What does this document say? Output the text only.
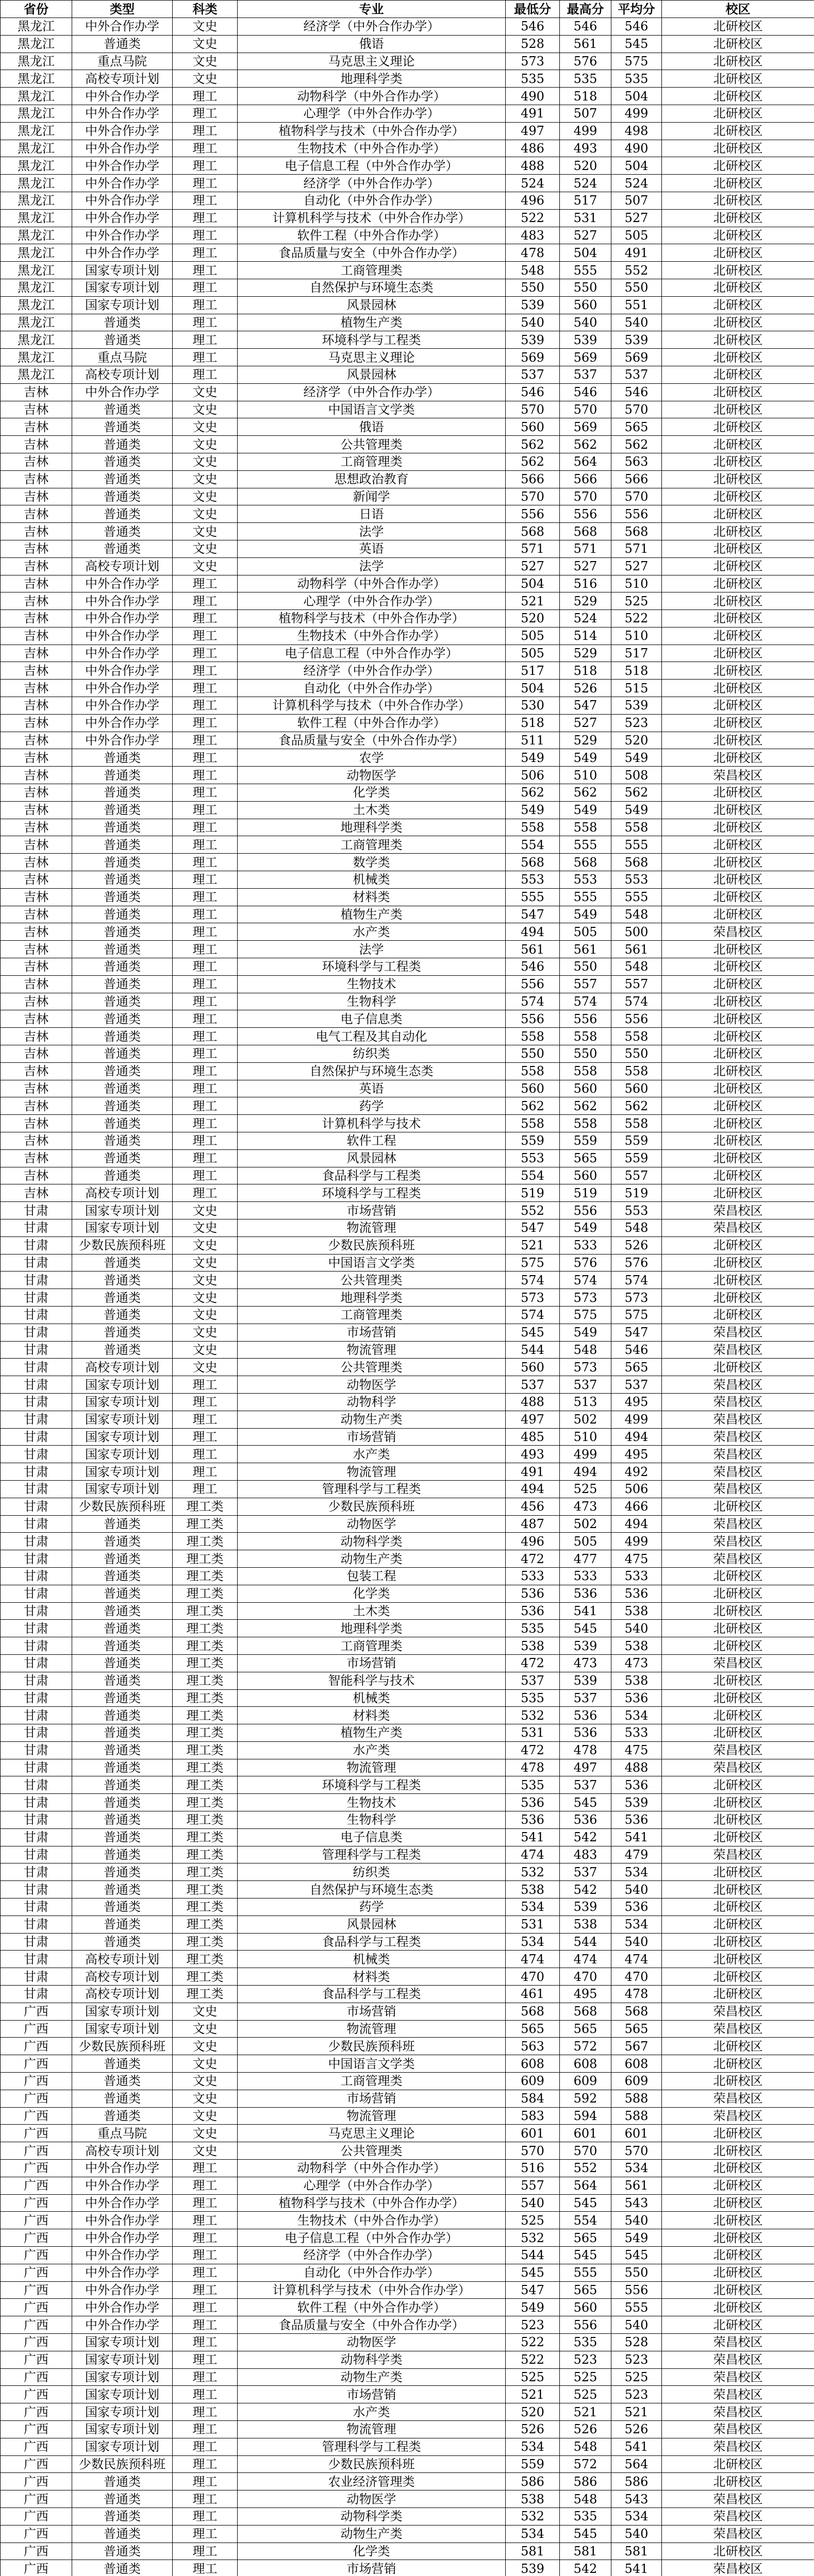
省份	类型	科类	专业	最低分	最高分	平均分	校区
黑龙江	中外合作办学	文史	经济学（中外合作办学）	546	546	546	北研校区
黑龙江	普通类	文史	俄语	528	561	545	北研校区
黑龙江	重点马院	文史	马克思主义理论	573	576	575	北研校区
黑龙江	高校专项计划	文史	地理科学类	535	535	535	北研校区
黑龙江	中外合作办学	理工	动物科学（中外合作办学）	490	518	504	北研校区
黑龙江	中外合作办学	理工	心理学（中外合作办学）	491	507	499	北研校区
黑龙江	中外合作办学	理工	植物科学与技术（中外合作办学）	497	499	498	北研校区
黑龙江	中外合作办学	理工	生物技术（中外合作办学）	486	493	490	北研校区
黑龙江	中外合作办学	理工	电子信息工程（中外合作办学）	488	520	504	北研校区
黑龙江	中外合作办学	理工	经济学（中外合作办学）	524	524	524	北研校区
黑龙江	中外合作办学	理工	自动化（中外合作办学）	496	517	507	北研校区
黑龙江	中外合作办学	理工	计算机科学与技术（中外合作办学）	522	531	527	北研校区
黑龙江	中外合作办学	理工	软件工程（中外合作办学）	483	527	505	北研校区
黑龙江	中外合作办学	理工	食品质量与安全（中外合作办学）	478	504	491	北研校区
黑龙江	国家专项计划	理工	工商管理类	548	555	552	北研校区
黑龙江	国家专项计划	理工	自然保护与环境生态类	550	550	550	北研校区
黑龙江	国家专项计划	理工	风景园林	539	560	551	北研校区
黑龙江	普通类	理工	植物生产类	540	540	540	北研校区
黑龙江	普通类	理工	环境科学与工程类	539	539	539	北研校区
黑龙江	重点马院	理工	马克思主义理论	569	569	569	北研校区
黑龙江	高校专项计划	理工	风景园林	537	537	537	北研校区
吉林	中外合作办学	文史	经济学（中外合作办学）	546	546	546	北研校区
吉林	普通类	文史	中国语言文学类	570	570	570	北研校区
吉林	普通类	文史	俄语	560	569	565	北研校区
吉林	普通类	文史	公共管理类	562	562	562	北研校区
吉林	普通类	文史	工商管理类	562	564	563	北研校区
吉林	普通类	文史	思想政治教育	566	566	566	北研校区
吉林	普通类	文史	新闻学	570	570	570	北研校区
吉林	普通类	文史	日语	556	556	556	北研校区
吉林	普通类	文史	法学	568	568	568	北研校区
吉林	普通类	文史	英语	571	571	571	北研校区
吉林	高校专项计划	文史	法学	527	527	527	北研校区
吉林	中外合作办学	理工	动物科学（中外合作办学）	504	516	510	北研校区
吉林	中外合作办学	理工	心理学（中外合作办学）	521	529	525	北研校区
吉林	中外合作办学	理工	植物科学与技术（中外合作办学）	520	524	522	北研校区
吉林	中外合作办学	理工	生物技术（中外合作办学）	505	514	510	北研校区
吉林	中外合作办学	理工	电子信息工程（中外合作办学）	505	529	517	北研校区
吉林	中外合作办学	理工	经济学（中外合作办学）	517	518	518	北研校区
吉林	中外合作办学	理工	自动化（中外合作办学）	504	526	515	北研校区
吉林	中外合作办学	理工	计算机科学与技术（中外合作办学）	530	547	539	北研校区
吉林	中外合作办学	理工	软件工程（中外合作办学）	518	527	523	北研校区
吉林	中外合作办学	理工	食品质量与安全（中外合作办学）	511	529	520	北研校区
吉林	普通类	理工	农学	549	549	549	北研校区
吉林	普通类	理工	动物医学	506	510	508	荣昌校区
吉林	普通类	理工	化学类	562	562	562	北研校区
吉林	普通类	理工	土木类	549	549	549	北研校区
吉林	普通类	理工	地理科学类	558	558	558	北研校区
吉林	普通类	理工	工商管理类	554	555	555	北研校区
吉林	普通类	理工	数学类	568	568	568	北研校区
吉林	普通类	理工	机械类	553	553	553	北研校区
吉林	普通类	理工	材料类	555	555	555	北研校区
吉林	普通类	理工	植物生产类	547	549	548	北研校区
吉林	普通类	理工	水产类	494	505	500	荣昌校区
吉林	普通类	理工	法学	561	561	561	北研校区
吉林	普通类	理工	环境科学与工程类	546	550	548	北研校区
吉林	普通类	理工	生物技术	556	557	557	北研校区
吉林	普通类	理工	生物科学	574	574	574	北研校区
吉林	普通类	理工	电子信息类	556	556	556	北研校区
吉林	普通类	理工	电气工程及其自动化	558	558	558	北研校区
吉林	普通类	理工	纺织类	550	550	550	北研校区
吉林	普通类	理工	自然保护与环境生态类	558	558	558	北研校区
吉林	普通类	理工	英语	560	560	560	北研校区
吉林	普通类	理工	药学	562	562	562	北研校区
吉林	普通类	理工	计算机科学与技术	558	558	558	北研校区
吉林	普通类	理工	软件工程	559	559	559	北研校区
吉林	普通类	理工	风景园林	553	565	559	北研校区
吉林	普通类	理工	食品科学与工程类	554	560	557	北研校区
吉林	高校专项计划	理工	环境科学与工程类	519	519	519	北研校区
甘肃	国家专项计划	文史	市场营销	552	556	553	荣昌校区
甘肃	国家专项计划	文史	物流管理	547	549	548	荣昌校区
甘肃	少数民族预科班	文史	少数民族预科班	521	533	526	北研校区
甘肃	普通类	文史	中国语言文学类	575	576	576	北研校区
甘肃	普通类	文史	公共管理类	574	574	574	北研校区
甘肃	普通类	文史	地理科学类	573	573	573	北研校区
甘肃	普通类	文史	工商管理类	574	575	575	北研校区
甘肃	普通类	文史	市场营销	545	549	547	荣昌校区
甘肃	普通类	文史	物流管理	544	548	546	荣昌校区
甘肃	高校专项计划	文史	公共管理类	560	573	565	北研校区
甘肃	国家专项计划	理工	动物医学	537	537	537	荣昌校区
甘肃	国家专项计划	理工	动物科学	488	513	495	荣昌校区
甘肃	国家专项计划	理工	动物生产类	497	502	499	荣昌校区
甘肃	国家专项计划	理工	市场营销	485	510	494	荣昌校区
甘肃	国家专项计划	理工	水产类	493	499	495	荣昌校区
甘肃	国家专项计划	理工	物流管理	491	494	492	荣昌校区
甘肃	国家专项计划	理工	管理科学与工程类	494	525	506	荣昌校区
甘肃	少数民族预科班	理工类	少数民族预科班	456	473	466	北研校区
甘肃	普通类	理工类	动物医学	487	502	494	荣昌校区
甘肃	普通类	理工类	动物科学类	496	505	499	荣昌校区
甘肃	普通类	理工类	动物生产类	472	477	475	荣昌校区
甘肃	普通类	理工类	包装工程	533	533	533	北研校区
甘肃	普通类	理工类	化学类	536	536	536	北研校区
甘肃	普通类	理工类	土木类	536	541	538	北研校区
甘肃	普通类	理工类	地理科学类	535	545	540	北研校区
甘肃	普通类	理工类	工商管理类	538	539	538	北研校区
甘肃	普通类	理工类	市场营销	472	473	473	荣昌校区
甘肃	普通类	理工类	智能科学与技术	537	539	538	北研校区
甘肃	普通类	理工类	机械类	535	537	536	北研校区
甘肃	普通类	理工类	材料类	532	536	534	北研校区
甘肃	普通类	理工类	植物生产类	531	536	533	北研校区
甘肃	普通类	理工类	水产类	472	478	475	荣昌校区
甘肃	普通类	理工类	物流管理	478	497	488	荣昌校区
甘肃	普通类	理工类	环境科学与工程类	535	537	536	北研校区
甘肃	普通类	理工类	生物技术	536	545	539	北研校区
甘肃	普通类	理工类	生物科学	536	536	536	北研校区
甘肃	普通类	理工类	电子信息类	541	542	541	北研校区
甘肃	普通类	理工类	管理科学与工程类	474	483	479	荣昌校区
甘肃	普通类	理工类	纺织类	532	537	534	北研校区
甘肃	普通类	理工类	自然保护与环境生态类	538	542	540	北研校区
甘肃	普通类	理工类	药学	534	539	536	北研校区
甘肃	普通类	理工类	风景园林	531	538	534	北研校区
甘肃	普通类	理工类	食品科学与工程类	534	544	540	北研校区
甘肃	高校专项计划	理工类	机械类	474	474	474	北研校区
甘肃	高校专项计划	理工类	材料类	470	470	470	北研校区
甘肃	高校专项计划	理工类	食品科学与工程类	461	495	478	北研校区
广西	国家专项计划	文史	市场营销	568	568	568	荣昌校区
广西	国家专项计划	文史	物流管理	565	565	565	荣昌校区
广西	少数民族预科班	文史	少数民族预科班	563	572	567	北研校区
广西	普通类	文史	中国语言文学类	608	608	608	北研校区
广西	普通类	文史	工商管理类	609	609	609	北研校区
广西	普通类	文史	市场营销	584	592	588	荣昌校区
广西	普通类	文史	物流管理	583	594	588	荣昌校区
广西	重点马院	文史	马克思主义理论	601	601	601	北研校区
广西	高校专项计划	文史	公共管理类	570	570	570	北研校区
广西	中外合作办学	理工	动物科学（中外合作办学）	516	552	534	北研校区
广西	中外合作办学	理工	心理学（中外合作办学）	557	564	561	北研校区
广西	中外合作办学	理工	植物科学与技术（中外合作办学）	540	545	543	北研校区
广西	中外合作办学	理工	生物技术（中外合作办学）	525	554	540	北研校区
广西	中外合作办学	理工	电子信息工程（中外合作办学）	532	565	549	北研校区
广西	中外合作办学	理工	经济学（中外合作办学）	544	545	545	北研校区
广西	中外合作办学	理工	自动化（中外合作办学）	545	555	550	北研校区
广西	中外合作办学	理工	计算机科学与技术（中外合作办学）	547	565	556	北研校区
广西	中外合作办学	理工	软件工程（中外合作办学）	549	560	555	北研校区
广西	中外合作办学	理工	食品质量与安全（中外合作办学）	523	556	540	北研校区
广西	国家专项计划	理工	动物医学	522	535	528	荣昌校区
广西	国家专项计划	理工	动物科学类	522	523	523	荣昌校区
广西	国家专项计划	理工	动物生产类	525	525	525	荣昌校区
广西	国家专项计划	理工	市场营销	521	525	523	荣昌校区
广西	国家专项计划	理工	水产类	520	521	521	荣昌校区
广西	国家专项计划	理工	物流管理	526	526	526	荣昌校区
广西	国家专项计划	理工	管理科学与工程类	534	548	541	荣昌校区
广西	少数民族预科班	理工	少数民族预科班	559	572	564	北研校区
广西	普通类	理工	农业经济管理类	586	586	586	北研校区
广西	普通类	理工	动物医学	538	548	543	荣昌校区
广西	普通类	理工	动物科学类	532	535	534	荣昌校区
广西	普通类	理工	动物生产类	534	545	540	荣昌校区
广西	普通类	理工	化学类	581	581	581	北研校区
广西	普通类	理工	市场营销	539	542	541	荣昌校区
